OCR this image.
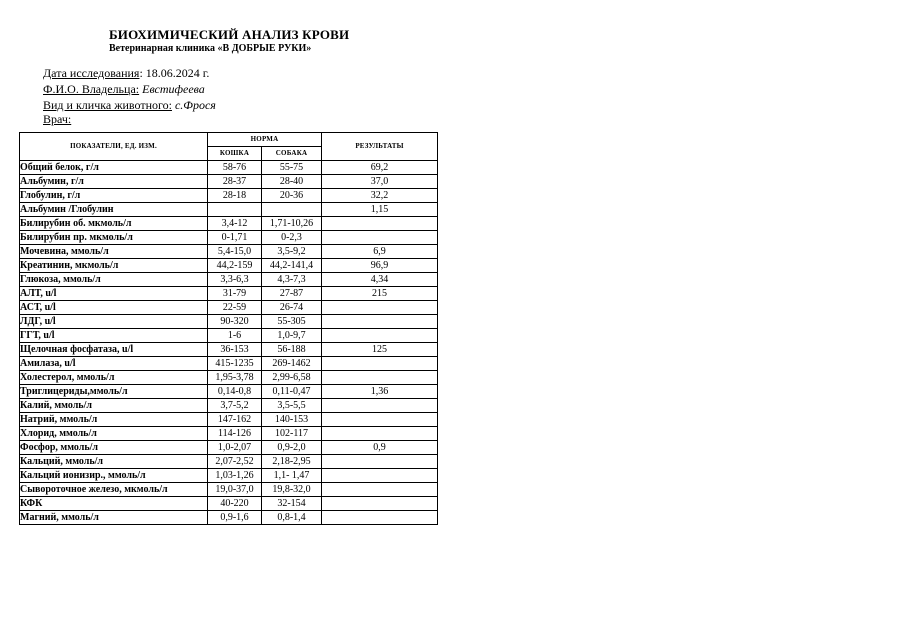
БИОХИМИЧЕСКИЙ АНАЛИЗ КРОВИ
Ветеринарная клиника «В ДОБРЫЕ РУКИ»
Дата исследования: 18.06.2024 г.
Ф.И.О. Владельца: Евстифеева
Вид и кличка животного: с.Фрося
Врач:
ПОКАЗАТЕЛИ, ЕД. ИЗМ.	НОРМА		РЕЗУЛЬТАТЫ
	КОШКА	СОБАКА	
Общий белок, г/л	58-76	55-75	69,2
Альбумин, г/л	28-37	28-40	37,0
Глобулин, г/л	28-18	20-36	32,2
Альбумин /Глобулин			1,15
Билирубин об. мкмоль/л	3,4-12	1,71-10,26	
Билирубин пр. мкмоль/л	0-1,71	0-2,3	
Мочевина, ммоль/л	5,4-15,0	3,5-9,2	6,9
Креатинин, мкмоль/л	44,2-159	44,2-141,4	96,9
Глюкоза, ммоль/л	3,3-6,3	4,3-7,3	4,34
АЛТ, u/l	31-79	27-87	215
АСТ, u/l	22-59	26-74	
ЛДГ, u/l	90-320	55-305	
ГГТ, u/l	1-6	1,0-9,7	
Щелочная фосфатаза, u/l	36-153	56-188	125
Амилаза, u/l	415-1235	269-1462	
Холестерол, ммоль/л	1,95-3,78	2,99-6,58	
Триглицериды,ммоль/л	0,14-0,8	0,11-0,47	1,36
Калий, ммоль/л	3,7-5,2	3,5-5,5	
Натрий, ммоль/л	147-162	140-153	
Хлорид, ммоль/л	114-126	102-117	
Фосфор, ммоль/л	1,0-2,07	0,9-2,0	0,9
Кальций, ммоль/л	2,07-2,52	2,18-2,95	
Кальций ионизир., ммоль/л	1,03-1,26	1,1- 1,47	
Сывороточное железо, мкмоль/л	19,0-37,0	19,8-32,0	
КФК	40-220	32-154	
Магний, ммоль/л	0,9-1,6	0,8-1,4	
